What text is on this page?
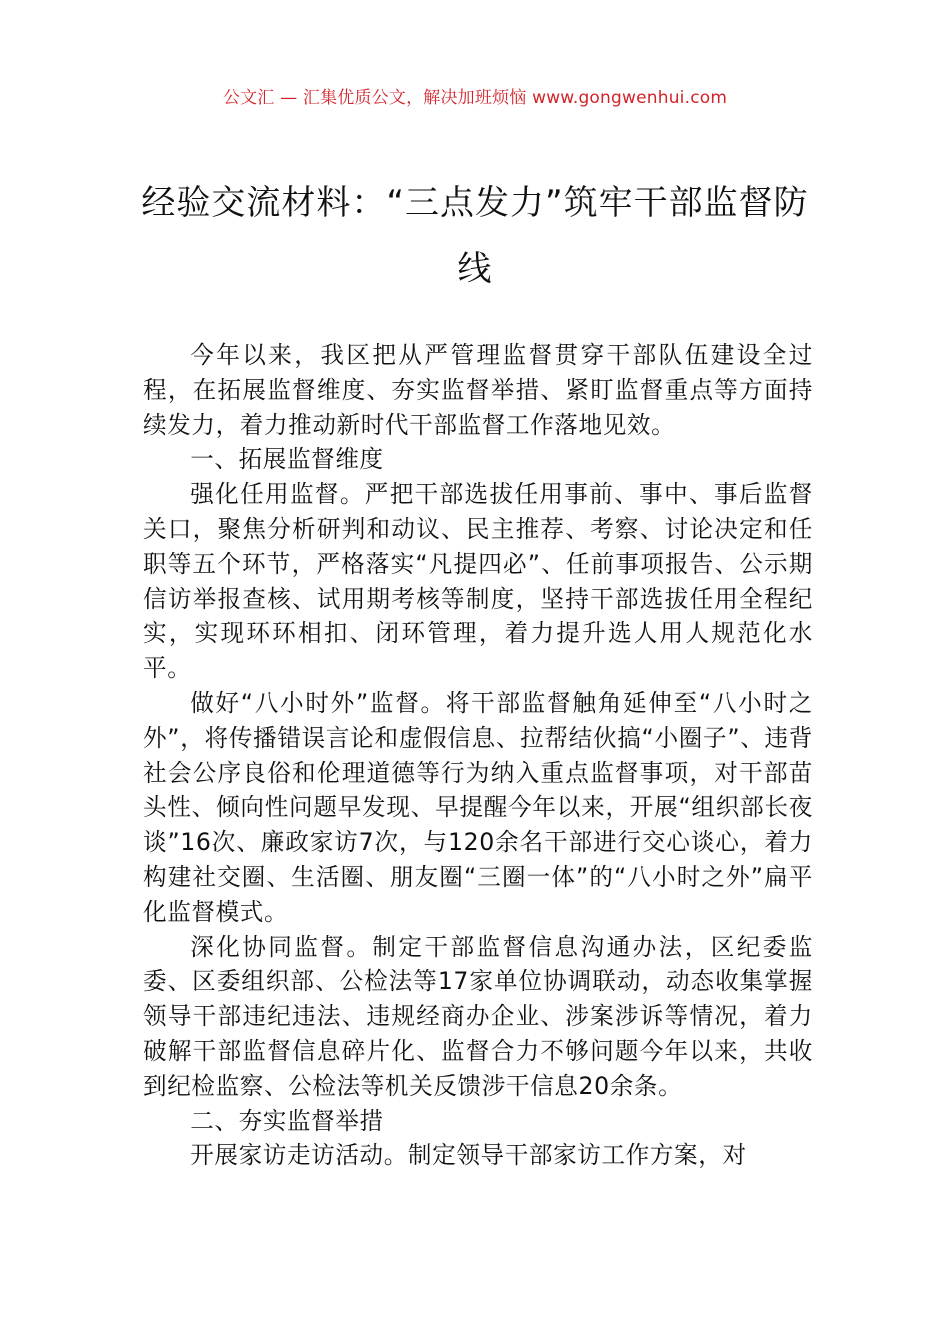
公文汇 — 汇集优质公文，解决加班烦恼 www.gongwenhui.com
经验交流材料：“三点发力”筑牢干部监督防线

今年以来，我区把从严管理监督贯穿干部队伍建设全过程，在拓展监督维度、夯实监督举措、紧盯监督重点等方面持续发力，着力推动新时代干部监督工作落地见效。

一、拓展监督维度

强化任用监督。严把干部选拔任用事前、事中、事后监督关口，聚焦分析研判和动议、民主推荐、考察、讨论决定和任职等五个环节，严格落实“凡提四必”、任前事项报告、公示期信访举报查核、试用期考核等制度，坚持干部选拔任用全程纪实，实现环环相扣、闭环管理，着力提升选人用人规范化水平。

做好“八小时外”监督。将干部监督触角延伸至“八小时之外”，将传播错误言论和虚假信息、拉帮结伙搞“小圈子”、违背社会公序良俗和伦理道德等行为纳入重点监督事项，对干部苗头性、倾向性问题早发现、早提醒今年以来，开展“组织部长夜谈”16次、廉政家访7次，与120余名干部进行交心谈心，着力构建社交圈、生活圈、朋友圈“三圈一体”的“八小时之外”扁平化监督模式。

深化协同监督。制定干部监督信息沟通办法，区纪委监委、区委组织部、公检法等17家单位协调联动，动态收集掌握领导干部违纪违法、违规经商办企业、涉案涉诉等情况，着力破解干部监督信息碎片化、监督合力不够问题今年以来，共收到纪检监察、公检法等机关反馈涉干信息20余条。

二、夯实监督举措

开展家访走访活动。制定领导干部家访工作方案，对
